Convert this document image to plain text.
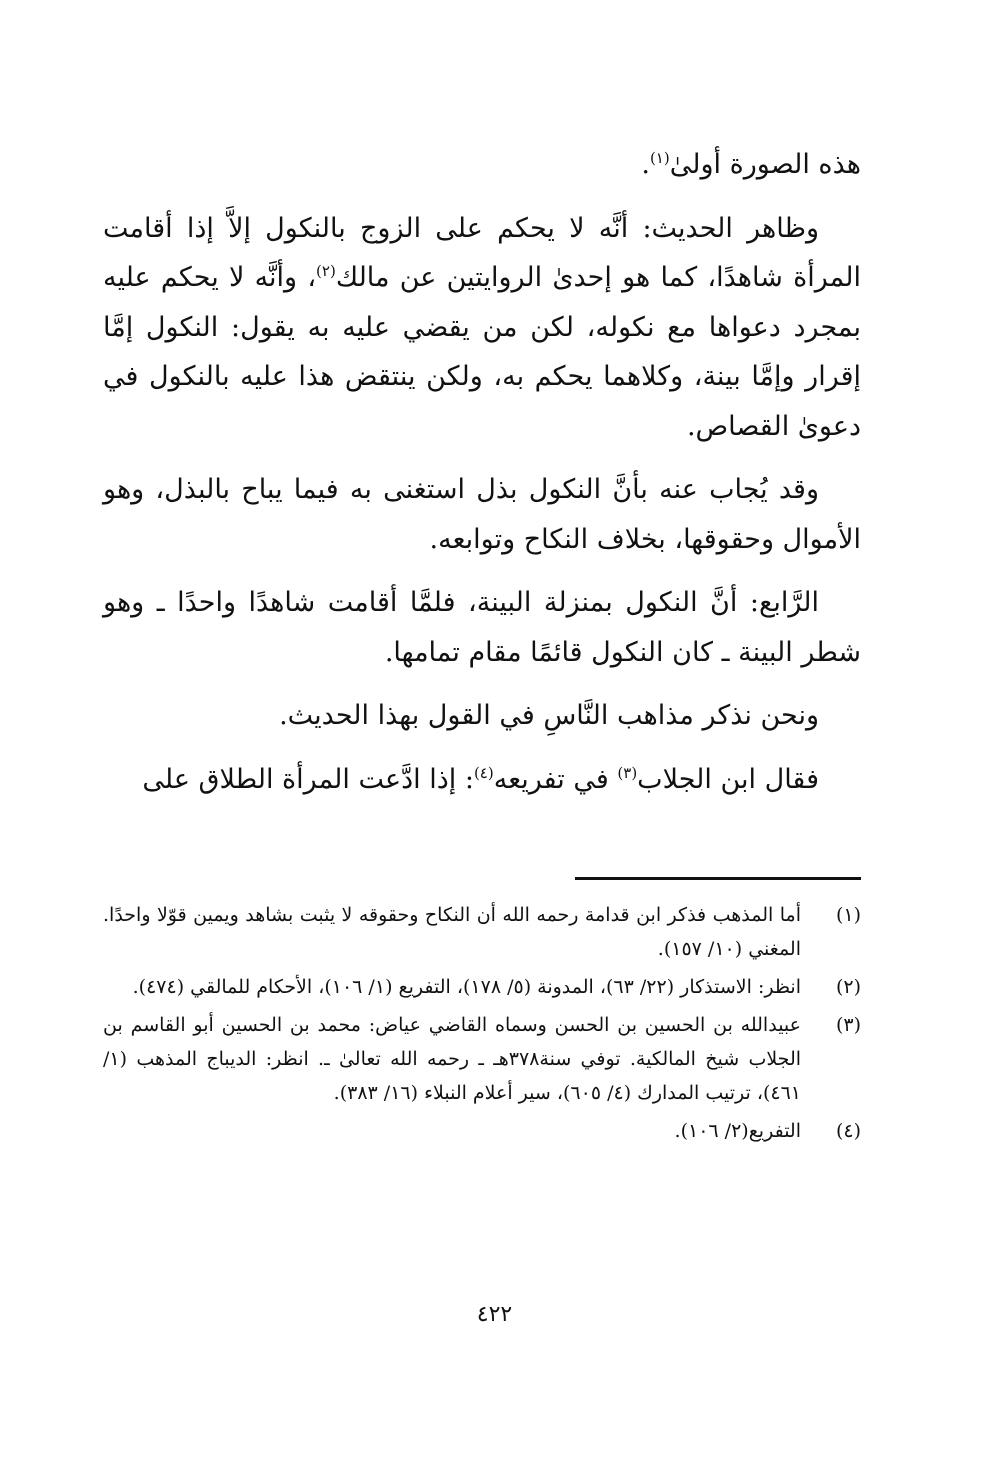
هذه الصورة أولىٰ$^{(١)}$.

وظاهر الحديث: أنَّه لا يحكم على الزوج بالنكول إلاَّ إذا أقامت المرأة شاهدًا، كما هو إحدىٰ الروايتين عن مالك$^{(٢)}$، وأنَّه لا يحكم عليه بمجرد دعواها مع نكوله، لكن من يقضي عليه به يقول: النكول إمَّا إقرار وإمَّا بينة، وكلاهما يحكم به، ولكن ينتقض هذا عليه بالنكول في دعوىٰ القصاص.

وقد يُجاب عنه بأنَّ النكول بذل استغنى به فيما يباح بالبذل، وهو الأموال وحقوقها، بخلاف النكاح وتوابعه.

الرَّابع: أنَّ النكول بمنزلة البينة، فلمَّا أقامت شاهدًا واحدًا ـ وهو شطر البينة ـ كان النكول قائمًا مقام تمامها.

ونحن نذكر مذاهب النَّاسِ في القول بهذا الحديث.

فقال ابن الجلاب$^{(٣)}$ في تفريعه$^{(٤)}$: إذا ادَّعت المرأة الطلاق على

(١)
أما المذهب فذكر ابن قدامة رحمه الله أن النكاح وحقوقه لا يثبت بشاهد ويمين قوّلا واحدًا. المغني (١٠/ ١٥٧).
(٢)
انظر: الاستذكار (٢٢/ ٦٣)، المدونة (٥/ ١٧٨)، التفريع (١/ ١٠٦)، الأحكام للمالقي (٤٧٤).
(٣)
عبيدالله بن الحسين بن الحسن وسماه القاضي عياض: محمد بن الحسين أبو القاسم بن الجلاب شيخ المالكية. توفي سنة٣٧٨هـ ـ رحمه الله تعالىٰ ـ. انظر: الديباج المذهب (١/ ٤٦١)، ترتيب المدارك (٤/ ٦٠٥)، سير أعلام النبلاء (١٦/ ٣٨٣).
(٤)
التفريع(٢/ ١٠٦).
٤٢٢
